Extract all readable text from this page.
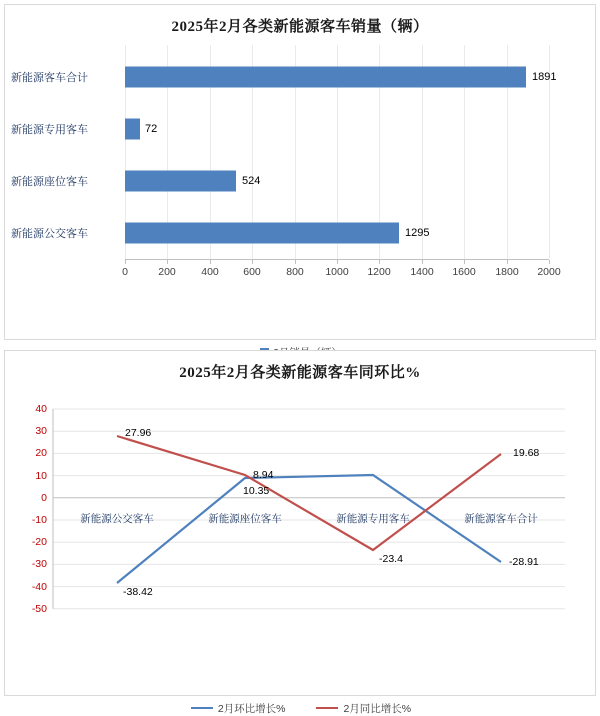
2025年2月各类新能源客车销量（辆）
新能源客车合计	1891
新能源专用客车	72
新能源座位客车	524
新能源公交客车	1295
0	200 400 600 800 1000 1200 1400 1600 1800 2000
2025年2月各类新能源客车同环比%
40
30
20
10
0
-10
-20
-30
-40
-50
新能源公交客车	新能源座位客车	新能源专用客车	新能源客车合计
27.96
8.94
10.35
-23.4
19.68
-38.42
-28.91
2月环比增长%	2月同比增长%
